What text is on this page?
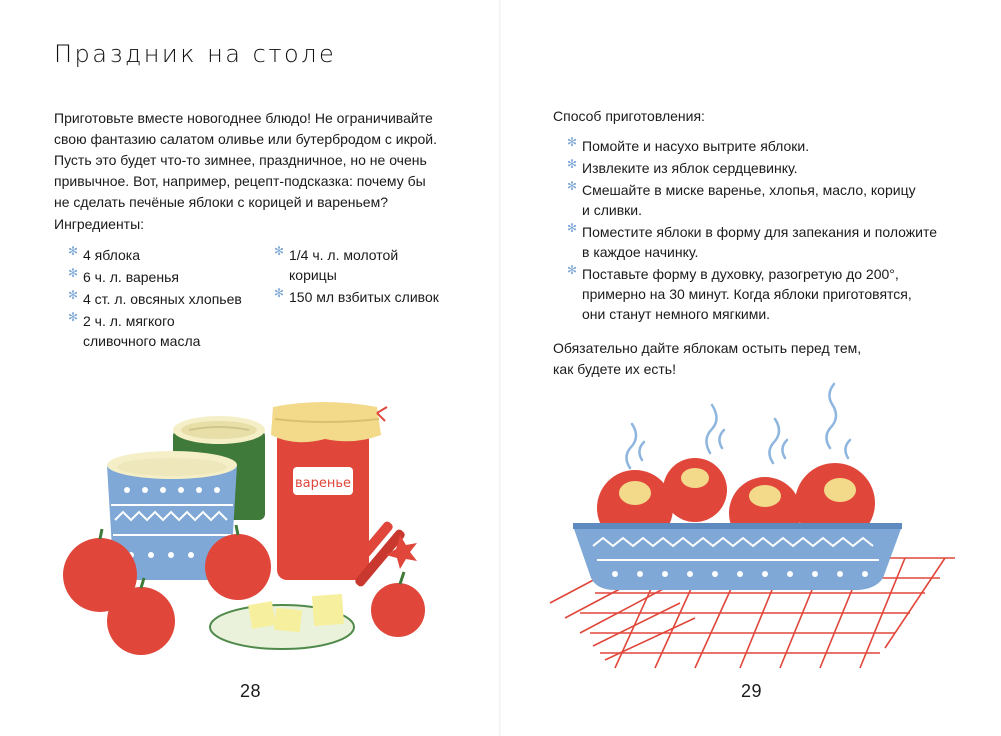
Праздник на столе
Приготовьте вместе новогоднее блюдо! Не ограничивайте
свою фантазию салатом оливье или бутербродом с икрой.
Пусть это будет что-то зимнее, праздничное, но не очень
привычное. Вот, например, рецепт-подсказка: почему бы
не сделать печёные яблоки с корицей и вареньем?
Ингредиенты:
✻ 4 яблока
✻ 6 ч. л. варенья
✻ 4 ст. л. овсяных хлопьев
✻ 2 ч. л. мягкого
сливочного масла
✻ 1/4 ч. л. молотой
корицы
✻ 150 мл взбитых сливок
варенье
28
Способ приготовления:
✻ Помойте и насухо вытрите яблоки.
✻ Извлеките из яблок сердцевинку.
✻ Смешайте в миске варенье, хлопья, масло, корицу
и сливки.
✻ Поместите яблоки в форму для запекания и положите
в каждое начинку.
✻ Поставьте форму в духовку, разогретую до 200°,
примерно на 30 минут. Когда яблоки приготовятся,
они станут немного мягкими.
Обязательно дайте яблокам остыть перед тем,
как будете их есть!
29
